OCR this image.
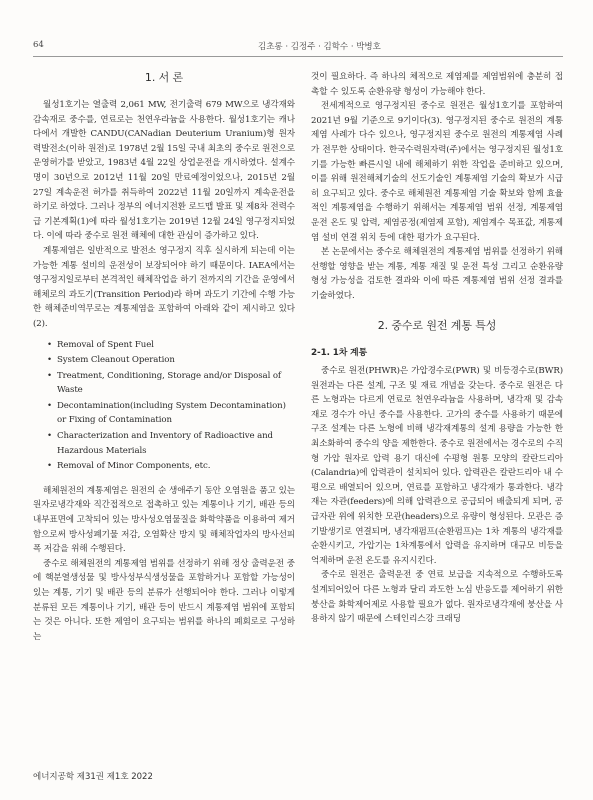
64	김초롱 · 김정주 · 김학수 · 박병호
1. 서 론

월성1호기는 열출력 2,061 MW, 전기출력 679 MW으로 냉각재와 감속재로 중수를, 연료로는 천연우라늄을 사용한다. 월성1호기는 캐나다에서 개발한 CANDU(CANadian Deuterium Uranium)형 원자력발전소(이하 원전)로 1978년 2월 15일 국내 최초의 중수로 원전으로 운영허가를 받았고, 1983년 4월 22일 상업운전을 개시하였다. 설계수명이 30년으로 2012년 11월 20일 만료예정이었으나, 2015년 2월 27일 계속운전 허가를 취득하여 2022년 11월 20일까지 계속운전을 하기로 하였다. 그러나 정부의 에너지전환 로드맵 발표 및 제8차 전력수급 기본계획(1)에 따라 월성1호기는 2019년 12월 24일 영구정지되었다. 이에 따라 중수로 원전 해체에 대한 관심이 증가하고 있다.

계통제염은 일반적으로 발전소 영구정지 직후 실시하게 되는데 이는 가능한 계통 설비의 운전성이 보장되어야 하기 때문이다. IAEA에서는 영구정지일로부터 본격적인 해체작업을 하기 전까지의 기간을 운영에서 해체로의 과도기(Transition Period)라 하며 과도기 기간에 수행 가능한 해체준비역무로는 계통제염을 포함하여 아래와 같이 제시하고 있다(2).

• Removal of Spent Fuel
• System Cleanout Operation
• Treatment, Conditioning, Storage and/or Disposal of Waste
• Decontamination(including System Decontamination) or Fixing of Contamination
• Characterization and Inventory of Radioactive and Hazardous Materials
• Removal of Minor Components, etc.

해체원전의 계통제염은 원전의 순 생애주기 동안 오염원을 품고 있는 원자로냉각재와 직간접적으로 접촉하고 있는 계통이나 기기, 배관 등의 내부표면에 고착되어 있는 방사성오염물질을 화학약품을 이용하여 제거함으로써 방사성폐기물 저감, 오염확산 방지 및 해체작업자의 방사선피폭 저감을 위해 수행된다.

중수로 해체원전의 계통제염 범위를 선정하기 위해 정상 출력운전 중에 핵분열생성물 및 방사성부식생성물을 포함하거나 포함할 가능성이 있는 계통, 기기 및 배관 등의 분류가 선행되어야 한다. 그러나 이렇게 분류된 모든 계통이나 기기, 배관 등이 반드시 계통제염 범위에 포함되는 것은 아니다. 또한 제염이 요구되는 범위를 하나의 폐회로로 구성하는

것이 필요하다. 즉 하나의 체적으로 제염제를 제염범위에 충분히 접촉할 수 있도록 순환유량 형성이 가능해야 한다.

전세계적으로 영구정지된 중수로 원전은 월성1호기를 포함하여 2021년 9월 기준으로 9기이다(3). 영구정지된 중수로 원전의 계통제염 사례가 다수 있으나, 영구정지된 중수로 원전의 계통제염 사례가 전무한 상태이다. 한국수력원자력(주)에서는 영구정지된 월성1호기를 가능한 빠른시일 내에 해체하기 위한 작업을 준비하고 있으며, 이를 위해 원전해체기술의 선도기술인 계통제염 기술의 확보가 시급히 요구되고 있다. 중수로 해체원전 계통제염 기술 확보와 함께 효율적인 계통제염을 수행하기 위해서는 계통제염 범위 선정, 계통제염 운전 온도 및 압력, 제염공정(제염제 포함), 제염계수 목표값, 계통제염 설비 연결 위치 등에 대한 평가가 요구된다.

본 논문에서는 중수로 해체원전의 계통제염 범위를 선정하기 위해 선행할 영향을 받는 계통, 계통 재질 및 운전 특성 그리고 순환유량 형성 가능성을 검토한 결과와 이에 따른 계통제염 범위 선정 결과를 기술하였다.

2. 중수로 원전 계통 특성
2-1. 1차 계통

중수로 원전(PHWR)은 가압경수로(PWR) 및 비등경수로(BWR) 원전과는 다른 설계, 구조 및 재료 개념을 갖는다. 중수로 원전은 다른 노형과는 다르게 연료로 천연우라늄을 사용하며, 냉각재 및 감속재로 경수가 아닌 중수를 사용한다. 고가의 중수를 사용하기 때문에 구조 설계는 다른 노형에 비해 냉각재계통의 설계 용량을 가능한 한 최소화하여 중수의 양을 제한한다. 중수로 원전에서는 경수로의 수직형 가압 원자로 압력 용기 대신에 수평형 원통 모양의 칼란드리아(Calandria)에 압력관이 설치되어 있다. 압력관은 칼란드리아 내 수평으로 배열되어 있으며, 연료를 포함하고 냉각재가 통과한다. 냉각재는 자관(feeders)에 의해 압력관으로 공급되어 배출되게 되며, 공급자관 위에 위치한 모관(headers)으로 유량이 형성된다. 모관은 증기발생기로 연결되며, 냉각재펌프(순환펌프)는 1차 계통의 냉각재를 순환시키고, 가압기는 1차계통에서 압력을 유지하며 대규모 비등을 억제하며 운전 온도를 유지시킨다.

중수로 원전은 출력운전 중 연료 보급을 지속적으로 수행하도록 설계되어있어 다른 노형과 달리 과도한 노심 반응도를 제어하기 위한 붕산을 화학제어제로 사용할 필요가 없다. 원자로냉각재에 붕산을 사용하지 않기 때문에 스테인리스강 크래딩

에너지공학 제31권 제1호 2022
